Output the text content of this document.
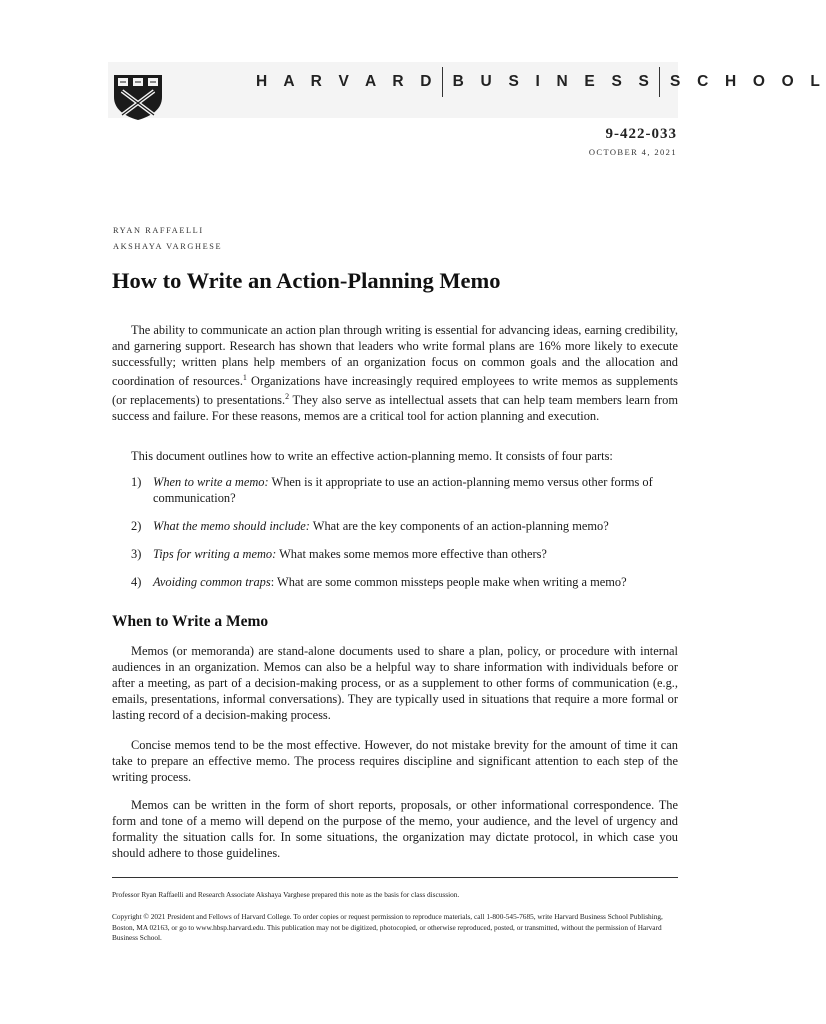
H A R V A R D B U S I N E S S S C H O O L
9-422-033
OCTOBER 4, 2021
RYAN RAFFAELLI
AKSHAYA VARGHESE
How to Write an Action-Planning Memo

The ability to communicate an action plan through writing is essential for advancing ideas, earning credibility, and garnering support. Research has shown that leaders who write formal plans are 16% more likely to execute successfully; written plans help members of an organization focus on common goals and the allocation and coordination of resources.$^1$ Organizations have increasingly required employees to write memos as supplements (or replacements) to presentations.$^2$ They also serve as intellectual assets that can help team members learn from success and failure. For these reasons, memos are a critical tool for action planning and execution.

This document outlines how to write an effective action-planning memo. It consists of four parts:

1) When to write a memo: When is it appropriate to use an action-planning memo versus other forms of communication?
2) What the memo should include: What are the key components of an action-planning memo?
3) Tips for writing a memo: What makes some memos more effective than others?
4) Avoiding common traps: What are some common missteps people make when writing a memo?
When to Write a Memo

Memos (or memoranda) are stand-alone documents used to share a plan, policy, or procedure with internal audiences in an organization. Memos can also be a helpful way to share information with individuals before or after a meeting, as part of a decision-making process, or as a supplement to other forms of communication (e.g., emails, presentations, informal conversations). They are typically used in situations that require a more formal or lasting record of a decision-making process.

Concise memos tend to be the most effective. However, do not mistake brevity for the amount of time it can take to prepare an effective memo. The process requires discipline and significant attention to each step of the writing process.

Memos can be written in the form of short reports, proposals, or other informational correspondence. The form and tone of a memo will depend on the purpose of the memo, your audience, and the level of urgency and formality the situation calls for. In some situations, the organization may dictate protocol, in which case you should adhere to those guidelines.

Professor Ryan Raffaelli and Research Associate Akshaya Varghese prepared this note as the basis for class discussion.

Copyright © 2021 President and Fellows of Harvard College. To order copies or request permission to reproduce materials, call 1-800-545-7685, write Harvard Business School Publishing, Boston, MA 02163, or go to www.hbsp.harvard.edu. This publication may not be digitized, photocopied, or otherwise reproduced, posted, or transmitted, without the permission of Harvard Business School.
